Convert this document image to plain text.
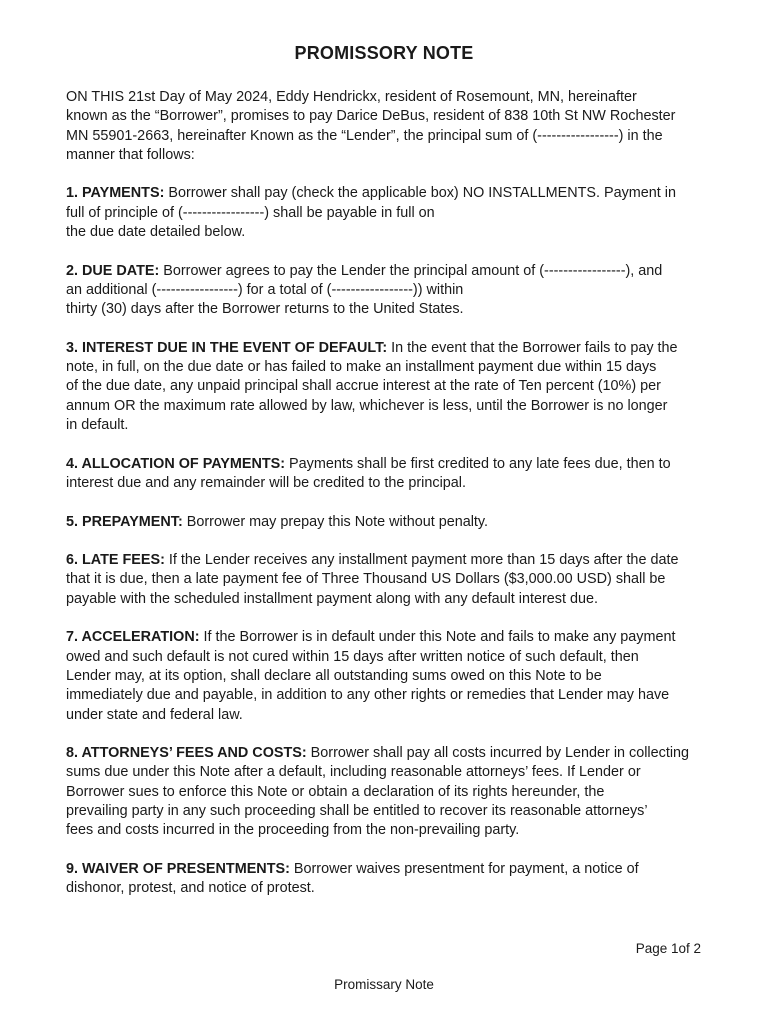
PROMISSORY NOTE

ON THIS 21st Day of May 2024, Eddy Hendrickx, resident of Rosemount, MN, hereinafter
known as the “Borrower”, promises to pay Darice DeBus, resident of 838 10th St NW Rochester
MN 55901-2663, hereinafter Known as the “Lender”, the principal sum of (-----------------) in the
manner that follows:

1. PAYMENTS: Borrower shall pay (check the applicable box) NO INSTALLMENTS. Payment in
full of principle of (-----------------) shall be payable in full on
the due date detailed below.

2. DUE DATE: Borrower agrees to pay the Lender the principal amount of (-----------------), and
an additional (-----------------) for a total of (-----------------)) within
thirty (30) days after the Borrower returns to the United States.

3. INTEREST DUE IN THE EVENT OF DEFAULT: In the event that the Borrower fails to pay the
note, in full, on the due date or has failed to make an installment payment due within 15 days
of the due date, any unpaid principal shall accrue interest at the rate of Ten percent (10%) per
annum OR the maximum rate allowed by law, whichever is less, until the Borrower is no longer
in default.

4. ALLOCATION OF PAYMENTS: Payments shall be first credited to any late fees due, then to
interest due and any remainder will be credited to the principal.

5. PREPAYMENT: Borrower may prepay this Note without penalty.

6. LATE FEES: If the Lender receives any installment payment more than 15 days after the date
that it is due, then a late payment fee of Three Thousand US Dollars ($3,000.00 USD) shall be
payable with the scheduled installment payment along with any default interest due.

7. ACCELERATION: If the Borrower is in default under this Note and fails to make any payment
owed and such default is not cured within 15 days after written notice of such default, then
Lender may, at its option, shall declare all outstanding sums owed on this Note to be
immediately due and payable, in addition to any other rights or remedies that Lender may have
under state and federal law.

8. ATTORNEYS’ FEES AND COSTS: Borrower shall pay all costs incurred by Lender in collecting
sums due under this Note after a default, including reasonable attorneys’ fees. If Lender or
Borrower sues to enforce this Note or obtain a declaration of its rights hereunder, the
prevailing party in any such proceeding shall be entitled to recover its reasonable attorneys’
fees and costs incurred in the proceeding from the non-prevailing party.

9. WAIVER OF PRESENTMENTS: Borrower waives presentment for payment, a notice of
dishonor, protest, and notice of protest.

Page 1of 2
Promissary Note
